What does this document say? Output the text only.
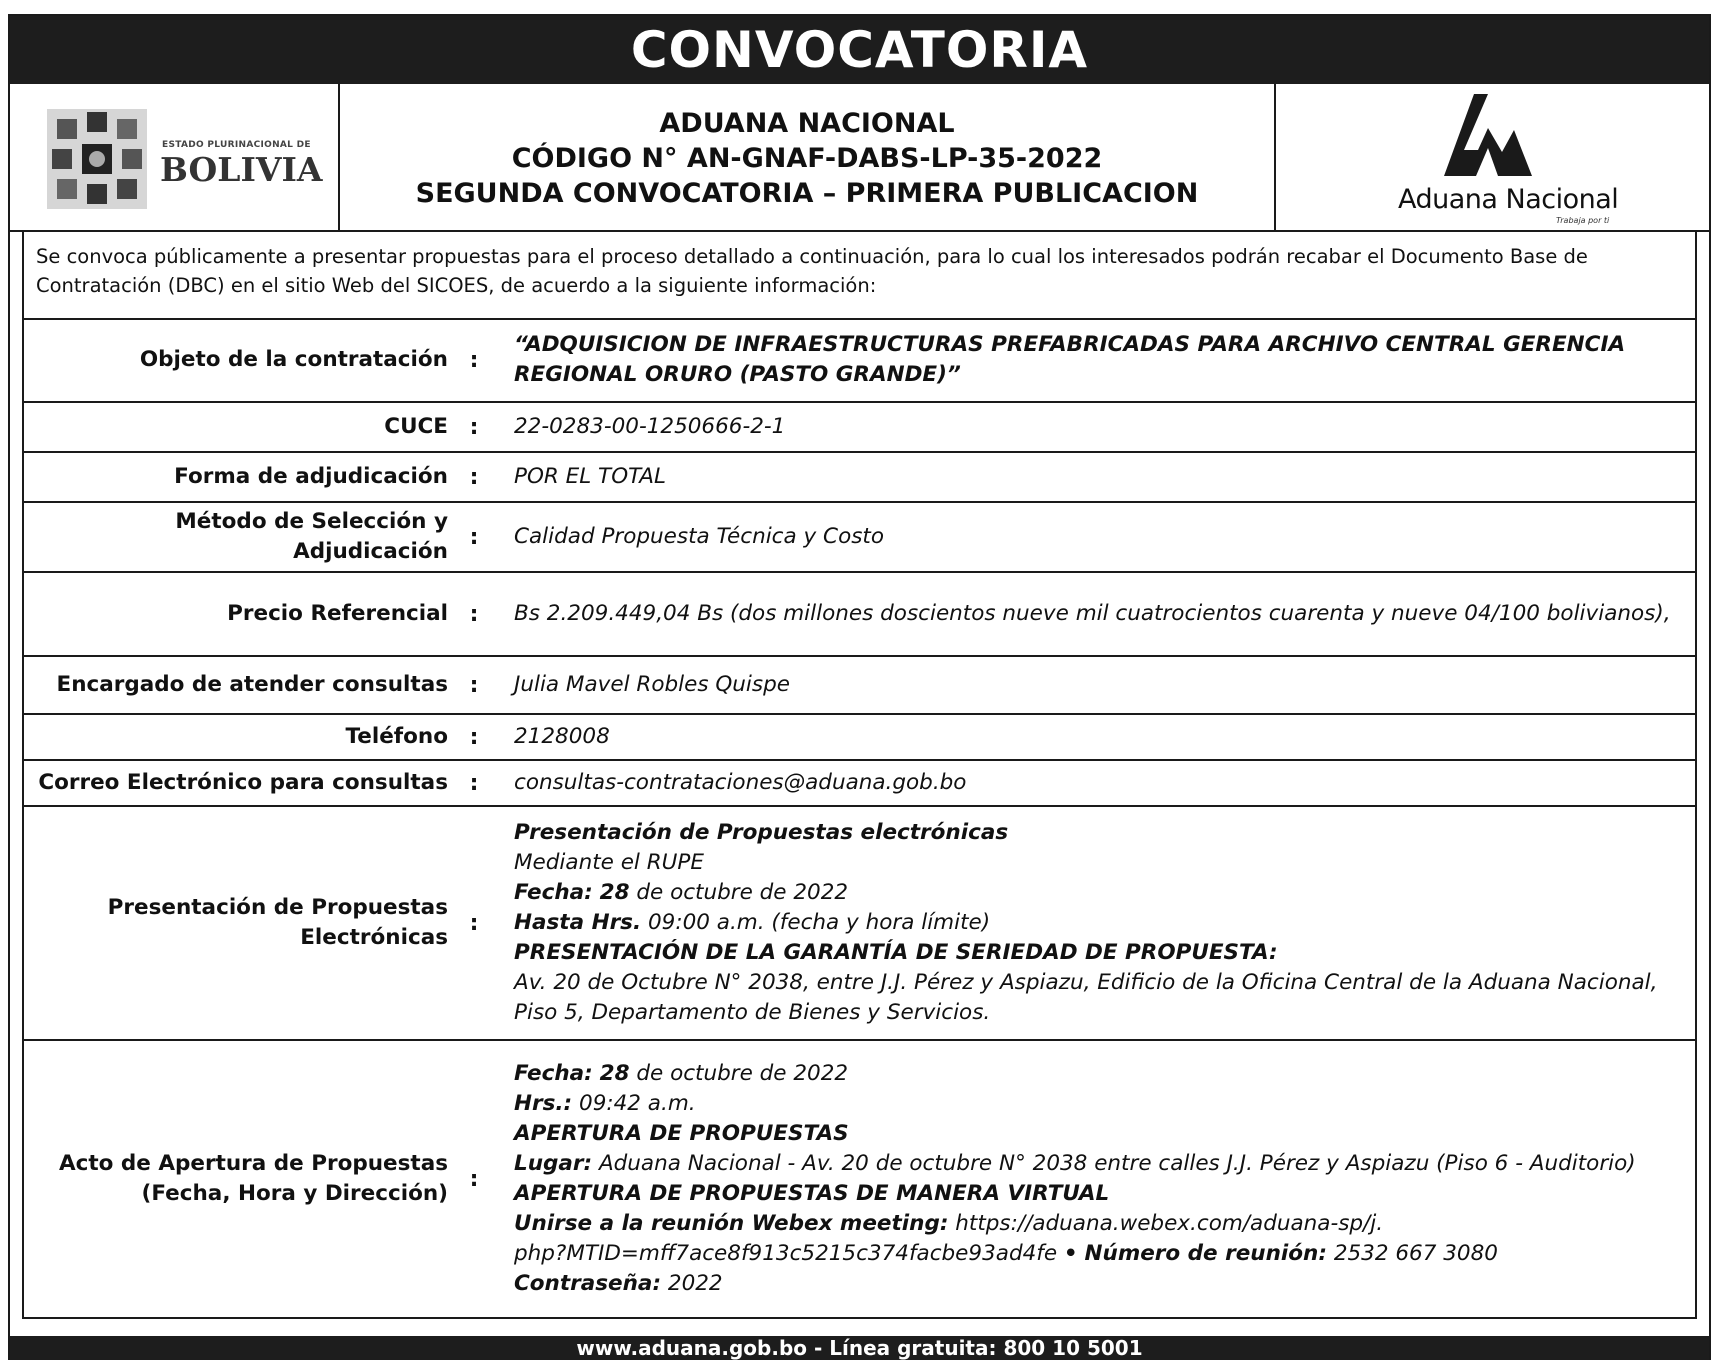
CONVOCATORIA
ESTADO PLURINACIONAL DE
BOLIVIA
ADUANA NACIONAL
CÓDIGO N° AN-GNAF-DABS-LP-35-2022
SEGUNDA CONVOCATORIA – PRIMERA PUBLICACION	Aduana Nacional
Trabaja por ti
Se convoca públicamente a presentar propuestas para el proceso detallado a continuación, para lo cual los interesados podrán recabar el Documento Base de Contratación (DBC) en el sitio Web del SICOES, de acuerdo a la siguiente información:
Objeto de la contratación :
“ADQUISICION DE INFRAESTRUCTURAS PREFABRICADAS PARA ARCHIVO CENTRAL GERENCIA REGIONAL ORURO (PASTO GRANDE)”
CUCE : 22-0283-00-1250666-2-1
Forma de adjudicación : POR EL TOTAL
Método de Selección y
Adjudicación
: Calidad Propuesta Técnica y Costo
Precio Referencial : Bs 2.209.449,04 Bs (dos millones doscientos nueve mil cuatrocientos cuarenta y nueve 04/100 bolivianos),
Encargado de atender consultas : Julia Mavel Robles Quispe
Teléfono : 2128008
Correo Electrónico para consultas : consultas-contrataciones@aduana.gob.bo
Presentación de Propuestas
Electrónicas
:
Presentación de Propuestas electrónicas
Mediante el RUPE
Fecha: 28 de octubre de 2022
Hasta Hrs. 09:00 a.m. (fecha y hora límite)
PRESENTACIÓN DE LA GARANTÍA DE SERIEDAD DE PROPUESTA:
Av. 20 de Octubre N° 2038, entre J.J. Pérez y Aspiazu, Edificio de la Oficina Central de la Aduana Nacional, Piso 5, Departamento de Bienes y Servicios.
Acto de Apertura de Propuestas
(Fecha, Hora y Dirección)
:
Fecha: 28 de octubre de 2022
Hrs.: 09:42 a.m.
APERTURA DE PROPUESTAS
Lugar: Aduana Nacional - Av. 20 de octubre N° 2038 entre calles J.J. Pérez y Aspiazu (Piso 6 - Auditorio)
APERTURA DE PROPUESTAS DE MANERA VIRTUAL
Unirse a la reunión Webex meeting: https://aduana.webex.com/aduana-sp/j.
php?MTID=mff7ace8f913c5215c374facbe93ad4fe • Número de reunión: 2532 667 3080
Contraseña: 2022
www.aduana.gob.bo - Línea gratuita: 800 10 5001
